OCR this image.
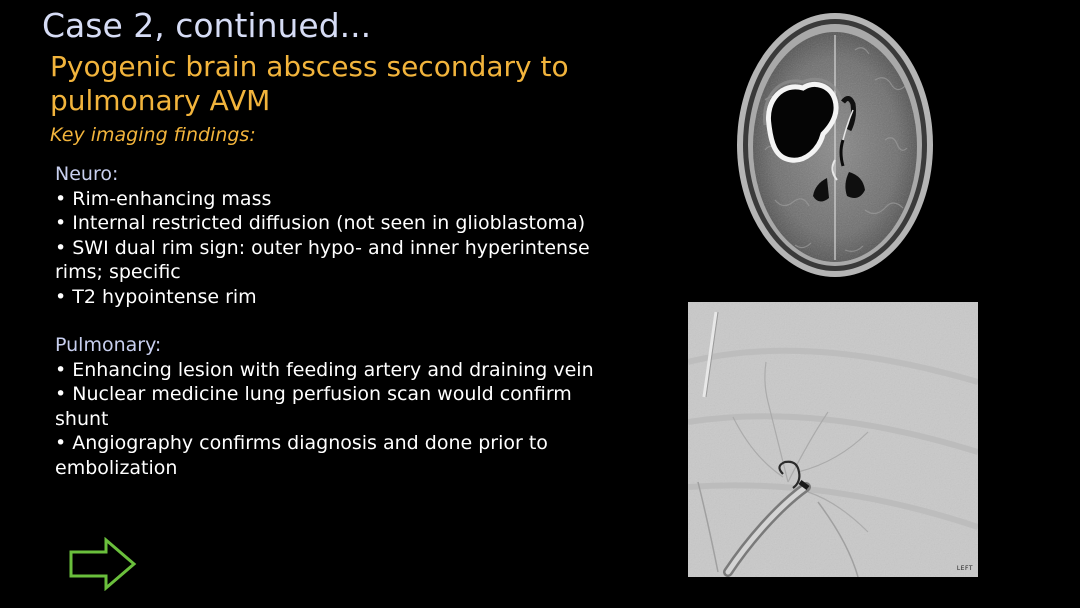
Case 2, continued...
Pyogenic brain abscess secondary to pulmonary AVM
Key imaging findings:
Neuro:
• Rim-enhancing mass
• Internal restricted diffusion (not seen in glioblastoma)
• SWI dual rim sign: outer hypo- and inner hyperintense rims; specific
• T2 hypointense rim
Pulmonary:
• Enhancing lesion with feeding artery and draining vein
• Nuclear medicine lung perfusion scan would confirm shunt
• Angiography confirms diagnosis and done prior to embolization
LEFT
